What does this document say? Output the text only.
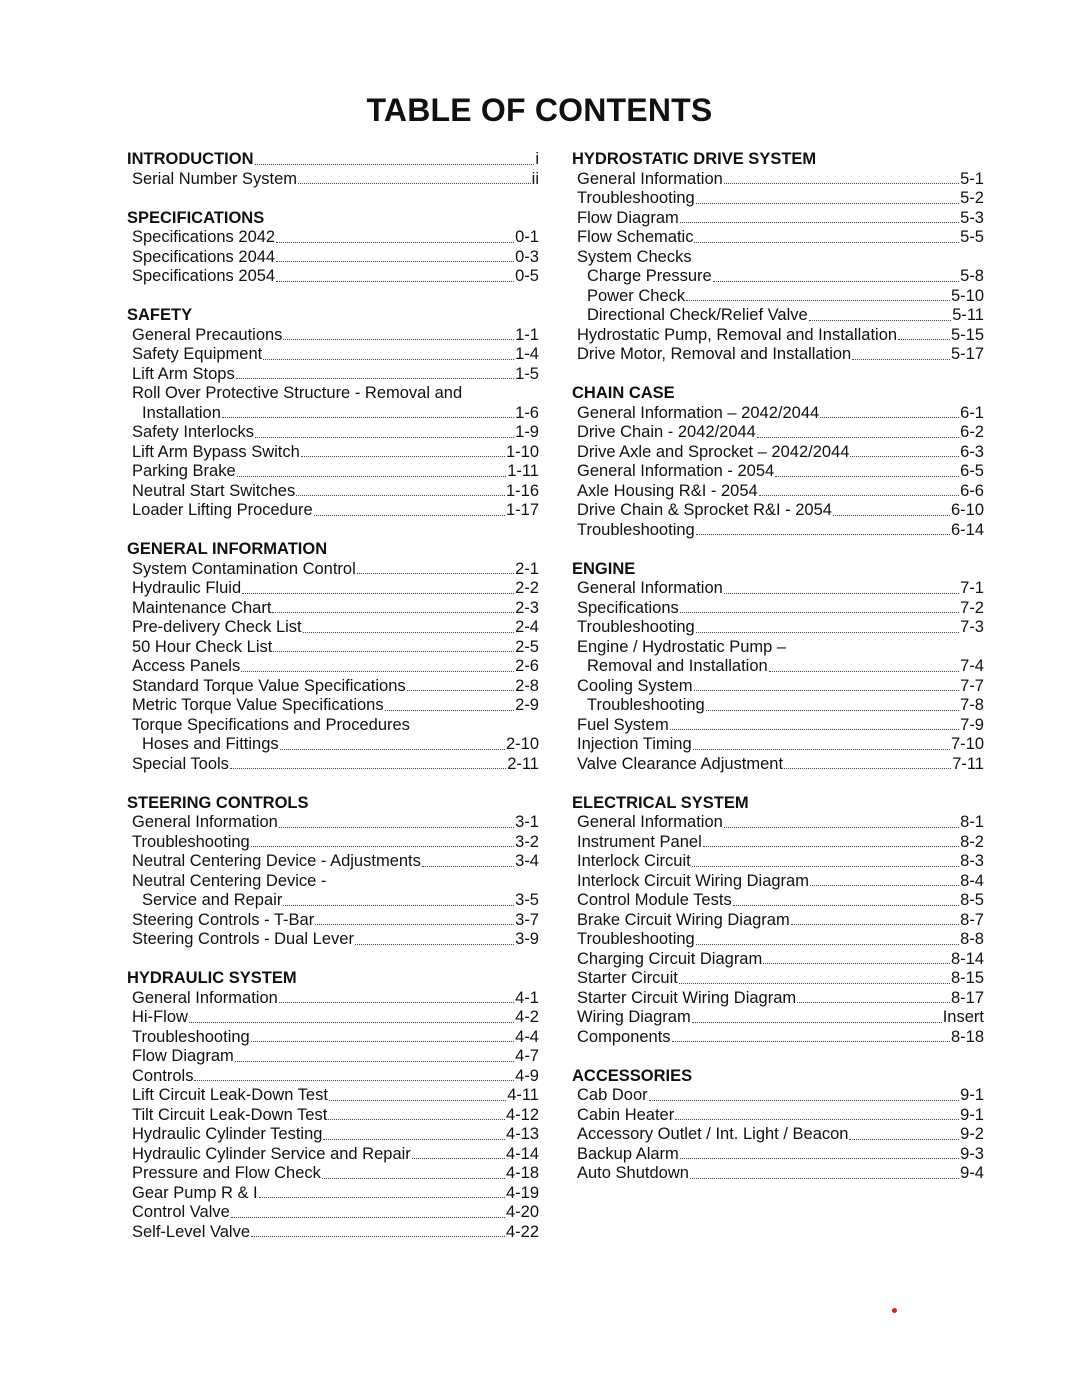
TABLE OF CONTENTS
INTRODUCTION	i
Serial Number System	ii
SPECIFICATIONS
Specifications 2042	0-1
Specifications 2044	0-3
Specifications 2054	0-5
SAFETY
General Precautions	1-1
Safety Equipment	1-4
Lift Arm Stops	1-5
Roll Over Protective Structure - Removal and
Installation	1-6
Safety Interlocks	1-9
Lift Arm Bypass Switch	1-10
Parking Brake	1-11
Neutral Start Switches	1-16
Loader Lifting Procedure	1-17
GENERAL INFORMATION
System Contamination Control	2-1
Hydraulic Fluid	2-2
Maintenance Chart	2-3
Pre-delivery Check List	2-4
50 Hour Check List	2-5
Access Panels	2-6
Standard Torque Value Specifications	2-8
Metric Torque Value Specifications	2-9
Torque Specifications and Procedures
Hoses and Fittings	2-10
Special Tools	2-11
STEERING CONTROLS
General Information	3-1
Troubleshooting	3-2
Neutral Centering Device - Adjustments	3-4
Neutral Centering Device -
Service and Repair	3-5
Steering Controls - T-Bar	3-7
Steering Controls - Dual Lever	3-9
HYDRAULIC SYSTEM
General Information	4-1
Hi-Flow	4-2
Troubleshooting	4-4
Flow Diagram	4-7
Controls	4-9
Lift Circuit Leak-Down Test	4-11
Tilt Circuit Leak-Down Test	4-12
Hydraulic Cylinder Testing	4-13
Hydraulic Cylinder Service and Repair	4-14
Pressure and Flow Check	4-18
Gear Pump R & I	4-19
Control Valve	4-20
Self-Level Valve	4-22
HYDROSTATIC DRIVE SYSTEM
General Information	5-1
Troubleshooting	5-2
Flow Diagram	5-3
Flow Schematic	5-5
System Checks
Charge Pressure	5-8
Power Check	5-10
Directional Check/Relief Valve	5-11
Hydrostatic Pump, Removal and Installation	5-15
Drive Motor, Removal and Installation	5-17
CHAIN CASE
General Information – 2042/2044	6-1
Drive Chain - 2042/2044	6-2
Drive Axle and Sprocket – 2042/2044	6-3
General Information - 2054	6-5
Axle Housing R&I - 2054	6-6
Drive Chain & Sprocket R&I - 2054	6-10
Troubleshooting	6-14
ENGINE
General Information	7-1
Specifications	7-2
Troubleshooting	7-3
Engine / Hydrostatic Pump –
Removal and Installation	7-4
Cooling System	7-7
Troubleshooting	7-8
Fuel System	7-9
Injection Timing	7-10
Valve Clearance Adjustment	7-11
ELECTRICAL SYSTEM
General Information	8-1
Instrument Panel	8-2
Interlock Circuit	8-3
Interlock Circuit Wiring Diagram	8-4
Control Module Tests	8-5
Brake Circuit Wiring Diagram	8-7
Troubleshooting	8-8
Charging Circuit Diagram	8-14
Starter Circuit	8-15
Starter Circuit Wiring Diagram	8-17
Wiring Diagram	Insert
Components	8-18
ACCESSORIES
Cab Door	9-1
Cabin Heater	9-1
Accessory Outlet / Int. Light / Beacon	9-2
Backup Alarm	9-3
Auto Shutdown	9-4
